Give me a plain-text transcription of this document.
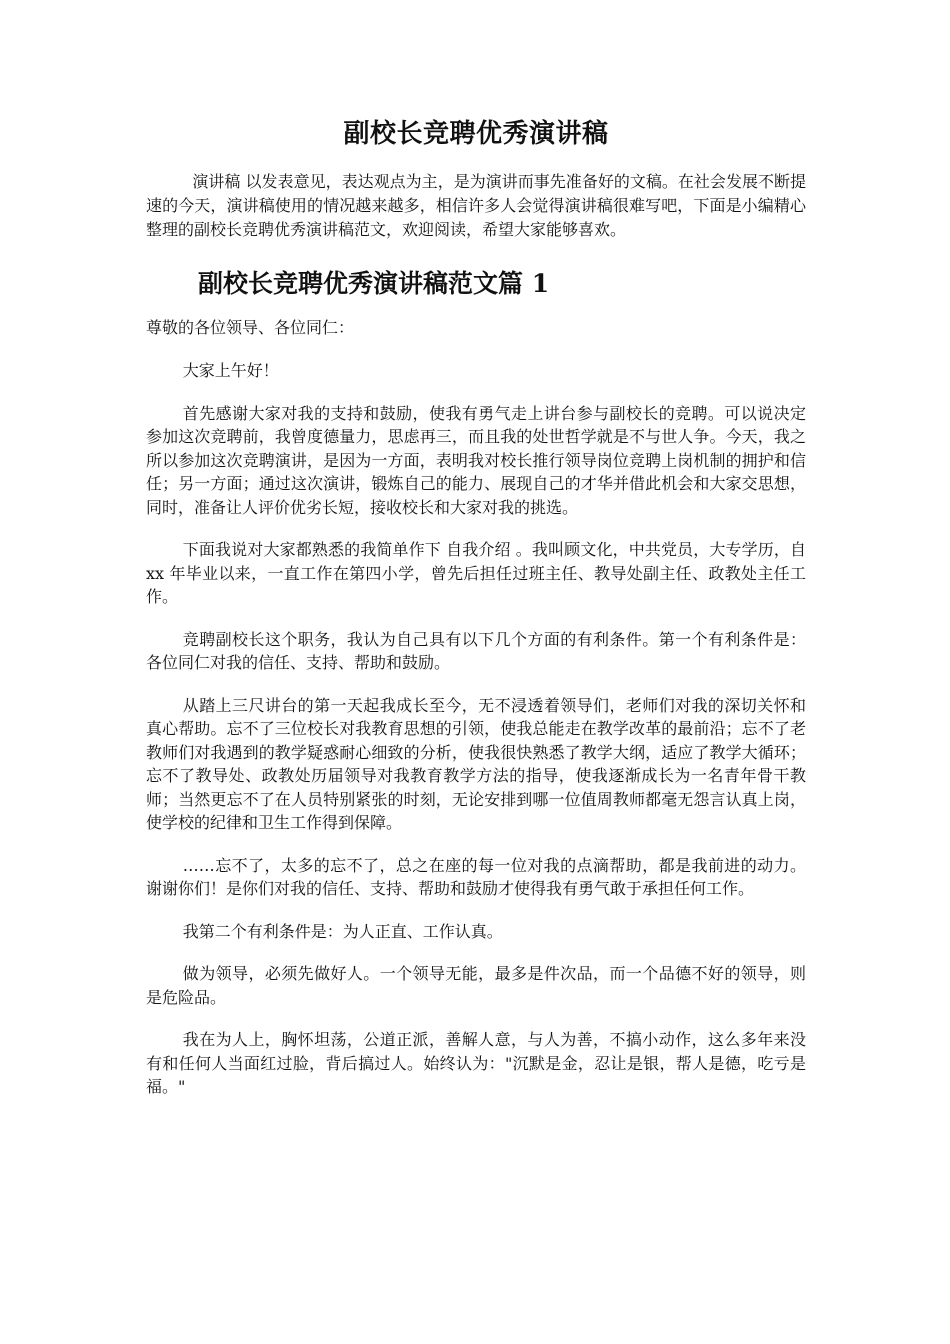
副校长竞聘优秀演讲稿

演讲稿 以发表意见，表达观点为主，是为演讲而事先准备好的文稿。在社会发展不断提速的今天，演讲稿使用的情况越来越多，相信许多人会觉得演讲稿很难写吧，下面是小编精心整理的副校长竞聘优秀演讲稿范文，欢迎阅读，希望大家能够喜欢。

副校长竞聘优秀演讲稿范文篇 1

尊敬的各位领导、各位同仁：

大家上午好！

首先感谢大家对我的支持和鼓励，使我有勇气走上讲台参与副校长的竞聘。可以说决定参加这次竞聘前，我曾度德量力，思虑再三，而且我的处世哲学就是不与世人争。今天，我之所以参加这次竞聘演讲，是因为一方面，表明我对校长推行领导岗位竞聘上岗机制的拥护和信任；另一方面；通过这次演讲，锻炼自己的能力、展现自己的才华并借此机会和大家交思想，同时，准备让人评价优劣长短，接收校长和大家对我的挑选。

下面我说对大家都熟悉的我简单作下 自我介绍 。我叫顾文化，中共党员，大专学历，自 xx 年毕业以来，一直工作在第四小学，曾先后担任过班主任、教导处副主任、政教处主任工作。

竞聘副校长这个职务，我认为自己具有以下几个方面的有利条件。第一个有利条件是：各位同仁对我的信任、支持、帮助和鼓励。

从踏上三尺讲台的第一天起我成长至今，无不浸透着领导们，老师们对我的深切关怀和真心帮助。忘不了三位校长对我教育思想的引领，使我总能走在教学改革的最前沿；忘不了老教师们对我遇到的教学疑惑耐心细致的分析，使我很快熟悉了教学大纲，适应了教学大循环；忘不了教导处、政教处历届领导对我教育教学方法的指导，使我逐渐成长为一名青年骨干教师；当然更忘不了在人员特别紧张的时刻，无论安排到哪一位值周教师都毫无怨言认真上岗，使学校的纪律和卫生工作得到保障。

……忘不了，太多的忘不了，总之在座的每一位对我的点滴帮助，都是我前进的动力。谢谢你们！是你们对我的信任、支持、帮助和鼓励才使得我有勇气敢于承担任何工作。

我第二个有利条件是：为人正直、工作认真。

做为领导，必须先做好人。一个领导无能，最多是件次品，而一个品德不好的领导，则是危险品。

我在为人上，胸怀坦荡，公道正派，善解人意，与人为善，不搞小动作，这么多年来没有和任何人当面红过脸，背后搞过人。始终认为："沉默是金，忍让是银，帮人是德，吃亏是福。"
